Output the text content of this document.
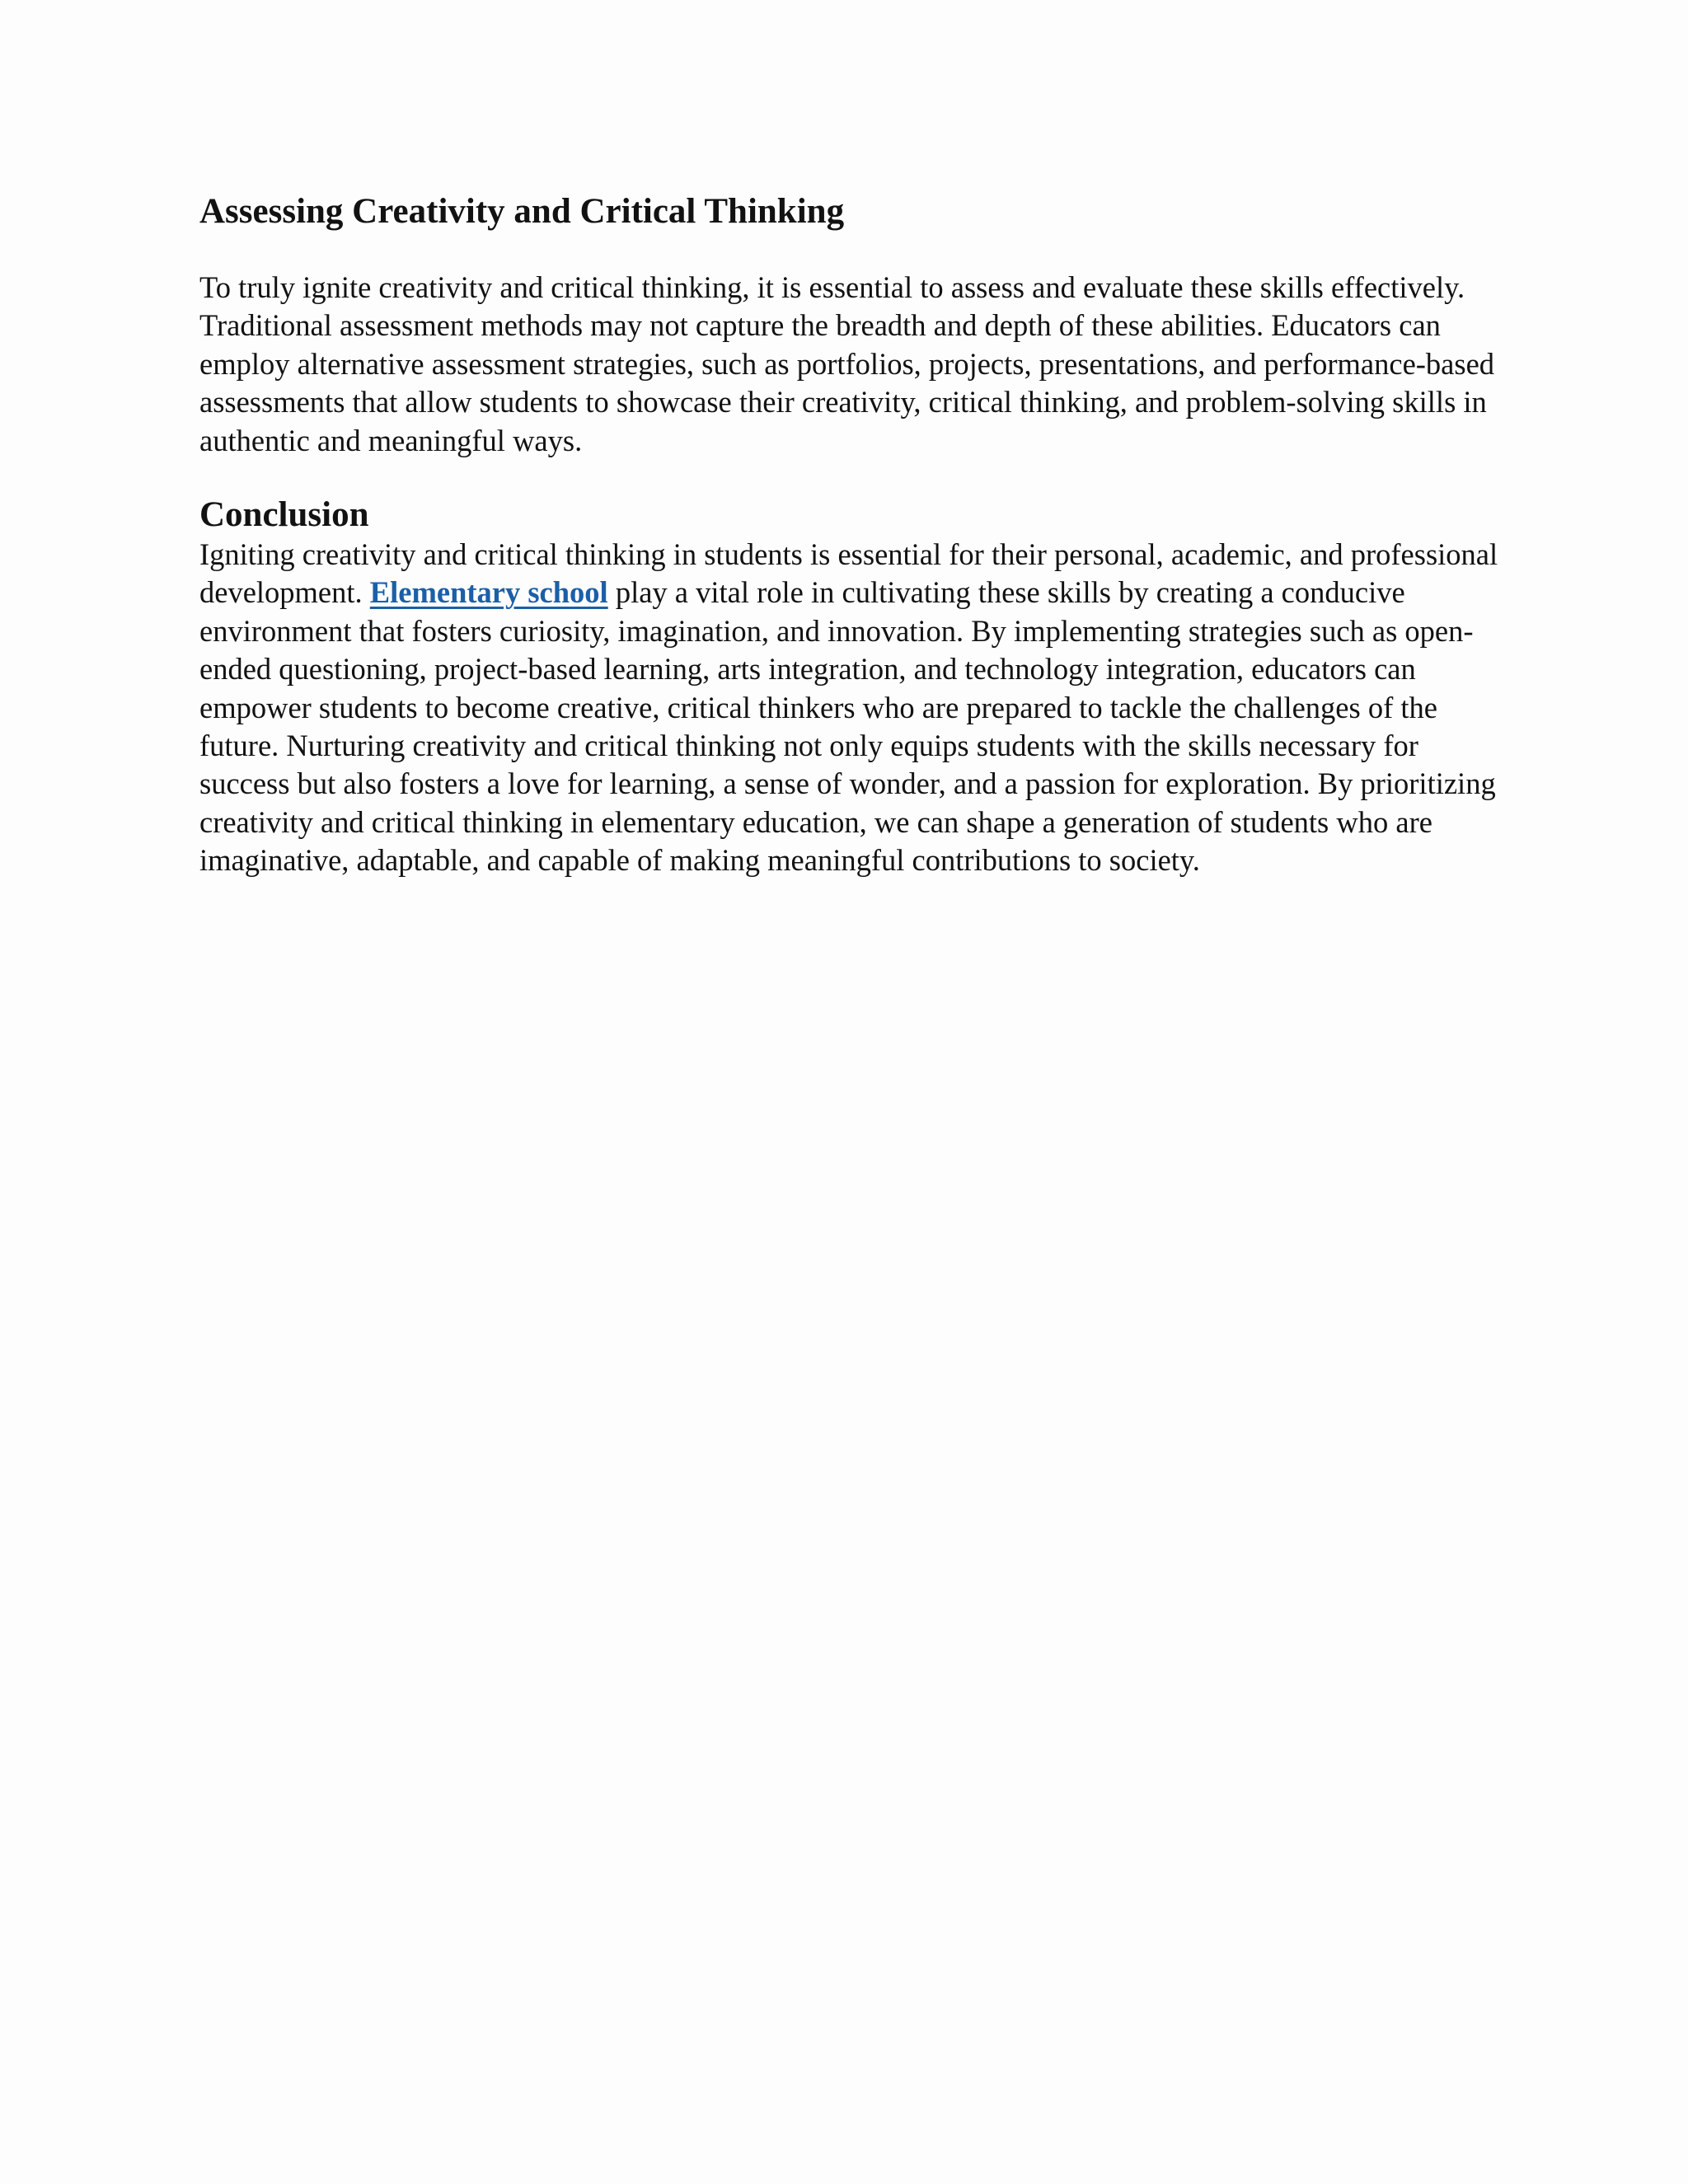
Assessing Creativity and Critical Thinking

To truly ignite creativity and critical thinking, it is essential to assess and evaluate these skills effectively. Traditional assessment methods may not capture the breadth and depth of these abilities. Educators can employ alternative assessment strategies, such as portfolios, projects, presentations, and performance-based assessments that allow students to showcase their creativity, critical thinking, and problem-solving skills in authentic and meaningful ways.

Conclusion

Igniting creativity and critical thinking in students is essential for their personal, academic, and professional development. Elementary school play a vital role in cultivating these skills by creating a conducive environment that fosters curiosity, imagination, and innovation. By implementing strategies such as open-ended questioning, project-based learning, arts integration, and technology integration, educators can empower students to become creative, critical thinkers who are prepared to tackle the challenges of the future. Nurturing creativity and critical thinking not only equips students with the skills necessary for success but also fosters a love for learning, a sense of wonder, and a passion for exploration. By prioritizing creativity and critical thinking in elementary education, we can shape a generation of students who are imaginative, adaptable, and capable of making meaningful contributions to society.
